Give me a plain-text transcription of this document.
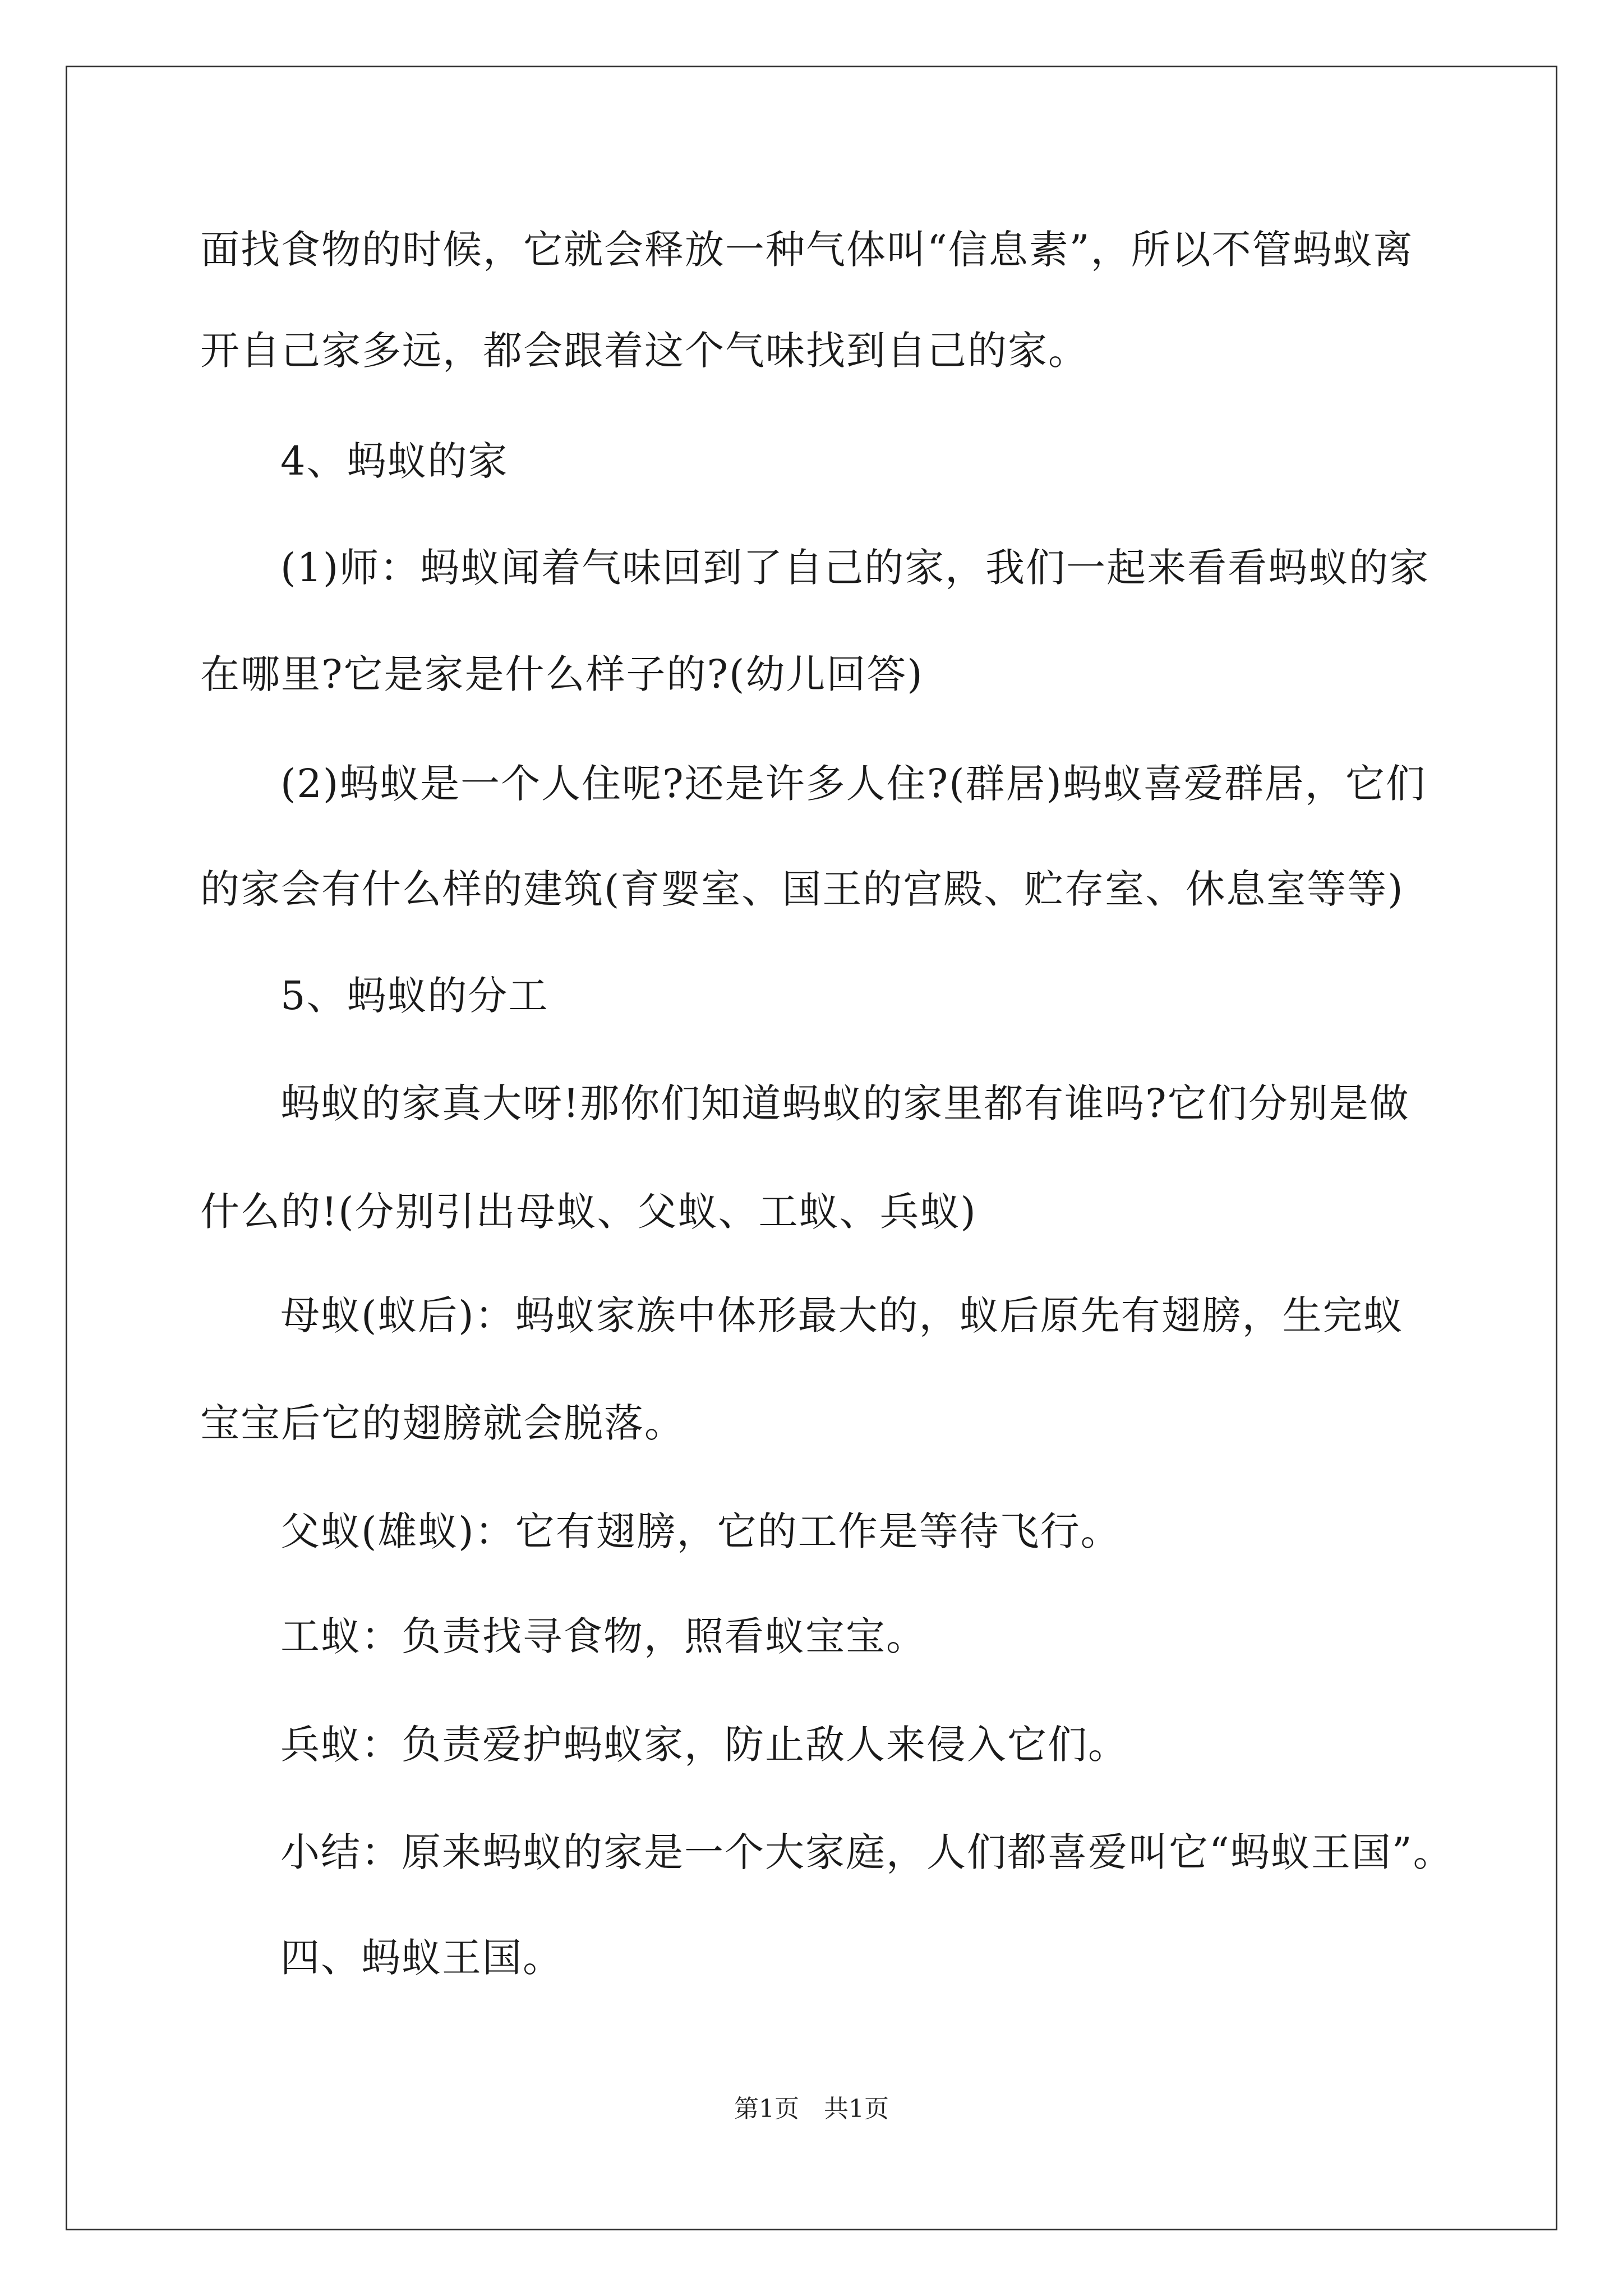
面找食物的时候，它就会释放一种气体叫“信息素”，所以不管蚂蚁离
开自己家多远，都会跟着这个气味找到自己的家。
4、蚂蚁的家
(1)师：蚂蚁闻着气味回到了自己的家，我们一起来看看蚂蚁的家
在哪里?它是家是什么样子的?(幼儿回答)
(2)蚂蚁是一个人住呢?还是许多人住?(群居)蚂蚁喜爱群居，它们
的家会有什么样的建筑(育婴室、国王的宫殿、贮存室、休息室等等)
5、蚂蚁的分工
蚂蚁的家真大呀!那你们知道蚂蚁的家里都有谁吗?它们分别是做
什么的!(分别引出母蚁、父蚁、工蚁、兵蚁)
母蚁(蚁后)：蚂蚁家族中体形最大的，蚁后原先有翅膀，生完蚁
宝宝后它的翅膀就会脱落。
父蚁(雄蚁)：它有翅膀，它的工作是等待飞行。
工蚁：负责找寻食物，照看蚁宝宝。
兵蚁：负责爱护蚂蚁家，防止敌人来侵入它们。
小结：原来蚂蚁的家是一个大家庭，人们都喜爱叫它“蚂蚁王国”。
四、蚂蚁王国。
第1页　共1页
